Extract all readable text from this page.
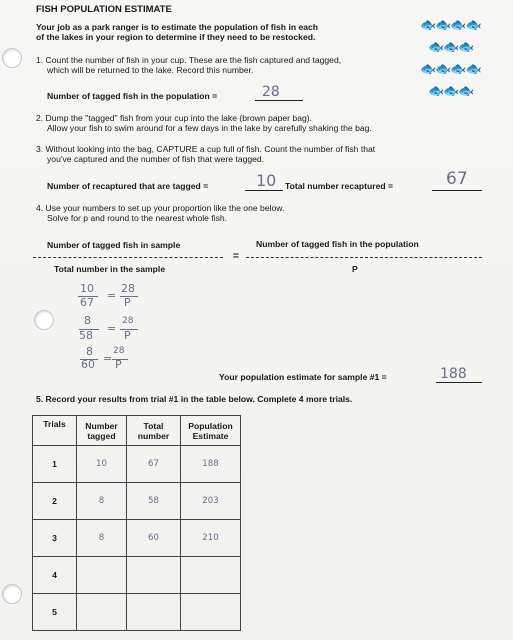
FISH POPULATION ESTIMATE
🐟🐟🐟🐟
🐟🐟🐟
🐟🐟🐟🐟
🐟🐟🐟
Your job as a park ranger is to estimate the population of fish in each
of the lakes in your region to determine if they need to be restocked.
1. Count the number of fish in your cup. These are the fish captured and tagged,
which will be returned to the lake. Record this number.
Number of tagged fish in the population =	28
2. Dump the "tagged" fish from your cup into the lake (brown paper bag).
Allow your fish to swim around for a few days in the lake by carefully shaking the bag.
3. Without looking into the bag, CAPTURE a cup full of fish. Count the number of fish that
you've captured and the number of fish that were tagged.
Number of recaptured that are tagged =	10 Total number recaptured =	67
4. Use your numbers to set up your proportion like the one below.
Solve for p and round to the nearest whole fish.
Number of tagged fish in sample	Number of tagged fish in the population
=
Total number in the sample	P
10
67
=
28
P
8
58
=
28
P
8
60 =
28
P
Your population estimate for sample #1 =	188
5. Record your results from trial #1 in the table below. Complete 4 more trials.
Trials	Number tagged	Total number	Population Estimate
1	10	67	188
2	8	58	203
3	8	60	210
4			
5			
